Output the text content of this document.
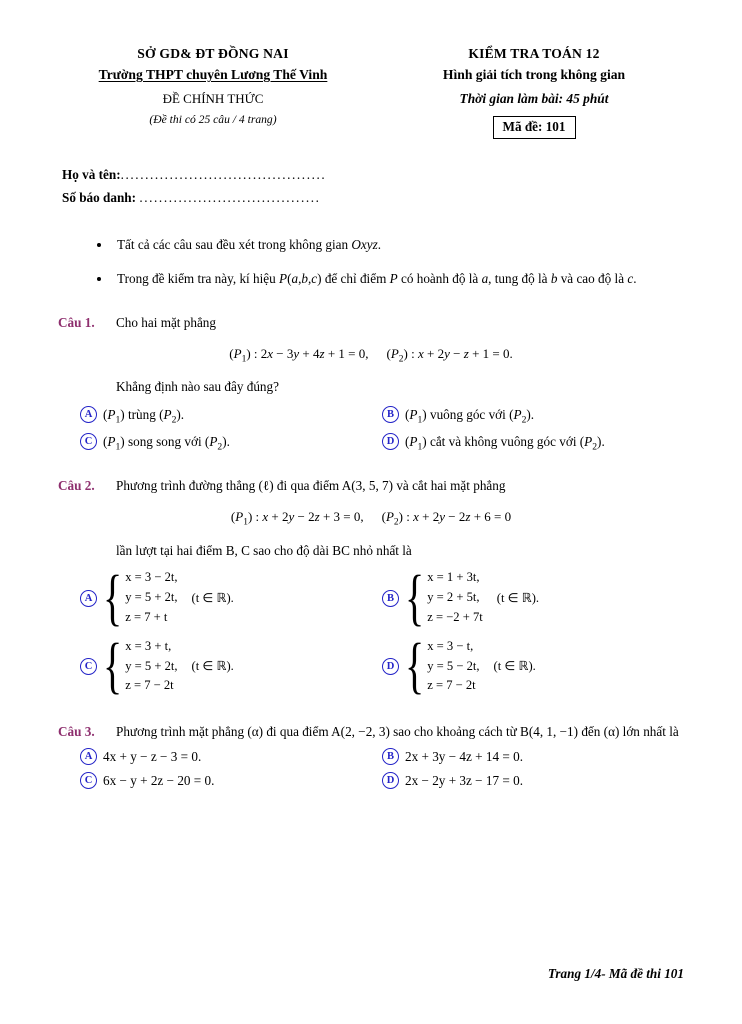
SỞ GD& ĐT ĐỒNG NAI
Trường THPT chuyên Lương Thế Vinh
ĐỀ CHÍNH THỨC
(Đề thi có 25 câu / 4 trang)
KIỂM TRA TOÁN 12
Hình giải tích trong không gian
Thời gian làm bài: 45 phút
Mã đề: 101
Họ và tên:..........................................
Số báo danh: .....................................
• Tất cả các câu sau đều xét trong không gian Oxyz.
• Trong đề kiểm tra này, kí hiệu P(a,b,c) để chỉ điểm P có hoành độ là a, tung độ là b và cao độ là c.
Câu 1.	Cho hai mặt phẳng
$(P_1)$ : 2x − 3y + 4z + 1 = 0, $(P_2)$ : x + 2y − z + 1 = 0.
Khẳng định nào sau đây đúng?
A $(P_1)$ trùng $(P_2)$.	B $(P_1)$ vuông góc với $(P_2)$.
C $(P_1)$ song song với $(P_2)$.	D $(P_1)$ cắt và không vuông góc với $(P_2)$.
Câu 2.	Phương trình đường thẳng (ℓ) đi qua điểm A(3, 5, 7) và cắt hai mặt phẳng
$(P_1)$ : x + 2y − 2z + 3 = 0, $(P_2)$ : x + 2y − 2z + 6 = 0
lần lượt tại hai điểm B, C sao cho độ dài BC nhỏ nhất là
A { x = 3 − 2t,
y = 5 + 2t,
z = 7 + t
(t ∈ ℝ).	B { x = 1 + 3t,
y = 2 + 5t,
z = −2 + 7t
(t ∈ ℝ).
C { x = 3 + t,
y = 5 + 2t,
z = 7 − 2t
(t ∈ ℝ).	D { x = 3 − t,
y = 5 − 2t,
z = 7 − 2t
(t ∈ ℝ).
Câu 3.	Phương trình mặt phẳng (α) đi qua điểm A(2, −2, 3) sao cho khoảng cách từ B(4, 1, −1) đến (α) lớn nhất là
A 4x + y − z − 3 = 0.	B 2x + 3y − 4z + 14 = 0.
C 6x − y + 2z − 20 = 0.	D 2x − 2y + 3z − 17 = 0.
Trang 1/4- Mã đề thi 101
